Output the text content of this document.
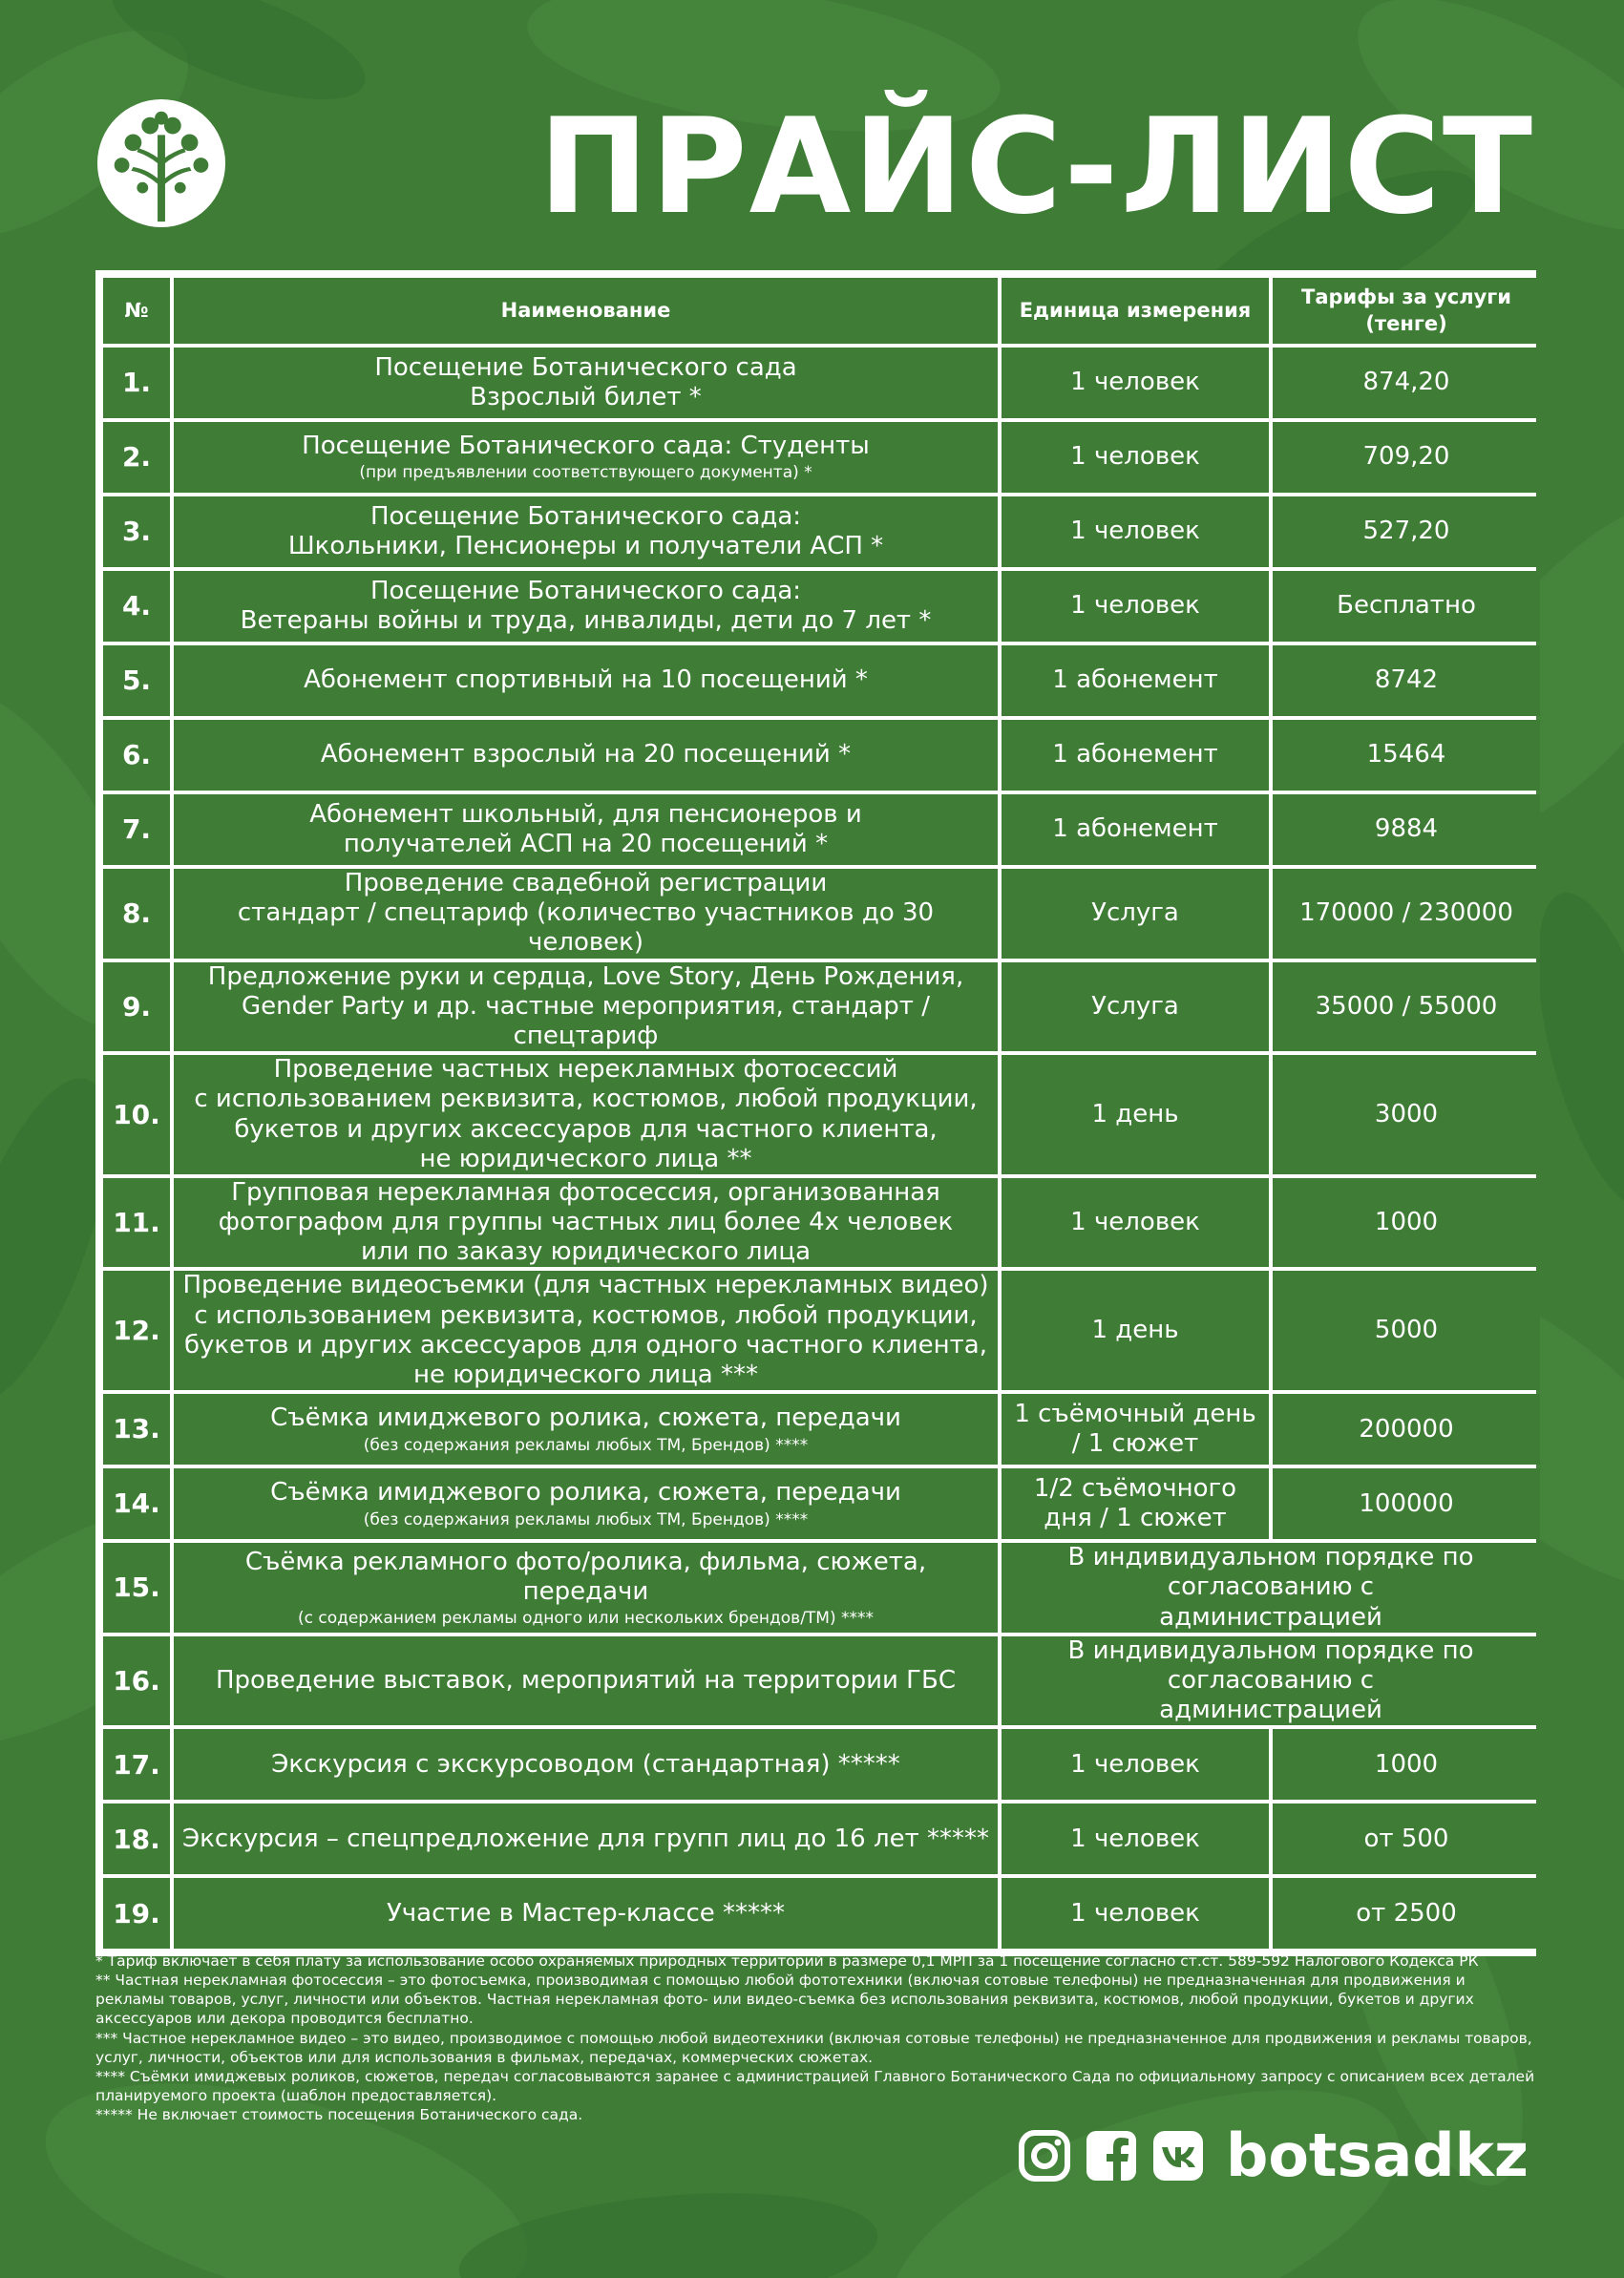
ПРАЙС-ЛИСТ
№	Наименование	Единица измерения	Тарифы за услуги (тенге)
1.	Посещение Ботанического сада
Взрослый билет *	1 человек	874,20
2.	Посещение Ботанического сада: Студенты
(при предъявлении соответствующего документа) *	1 человек	709,20
3.	Посещение Ботанического сада:
Школьники, Пенсионеры и получатели АСП *	1 человек	527,20
4.	Посещение Ботанического сада:
Ветераны войны и труда, инвалиды, дети до 7 лет *	1 человек	Бесплатно
5.	Абонемент спортивный на 10 посещений *	1 абонемент	8742
6.	Абонемент взрослый на 20 посещений *	1 абонемент	15464
7.	Абонемент школьный, для пенсионеров и
получателей АСП на 20 посещений *	1 абонемент	9884
8.	Проведение свадебной регистрации
стандарт / спецтариф (количество участников до 30 человек)	Услуга	170000 / 230000
9.	Предложение руки и сердца, Love Story, День Рождения,
Gender Party и др. частные мероприятия, стандарт / спецтариф	Услуга	35000 / 55000
10.	Проведение частных нерекламных фотосессий
с использованием реквизита, костюмов, любой продукции,
букетов и других аксессуаров для частного клиента,
не юридического лица **	1 день	3000
11.	Групповая нерекламная фотосессия, организованная
фотографом для группы частных лиц более 4х человек
или по заказу юридического лица	1 человек	1000
12.	Проведение видеосъемки (для частных нерекламных видео)
с использованием реквизита, костюмов, любой продукции,
букетов и других аксессуаров для одного частного клиента,
не юридического лица ***	1 день	5000
13.	Съёмка имиджевого ролика, сюжета, передачи
(без содержания рекламы любых ТМ, Брендов) ****	1 съёмочный день / 1 сюжет	200000
14.	Съёмка имиджевого ролика, сюжета, передачи
(без содержания рекламы любых ТМ, Брендов) ****	1/2 съёмочного дня / 1 сюжет	100000
15.	Съёмка рекламного фото/ролика, фильма, сюжета, передачи
(с содержанием рекламы одного или нескольких брендов/ТМ) ****	В индивидуальном порядке по согласованию с администрацией	
16.	Проведение выставок, мероприятий на территории ГБС	В индивидуальном порядке по согласованию с администрацией	
17.	Экскурсия с экскурсоводом (стандартная) *****	1 человек	1000
18.	Экскурсия – спецпредложение для групп лиц до 16 лет *****	1 человек	от 500
19.	Участие в Мастер-классе *****	1 человек	от 2500

* Тариф включает в себя плату за использование особо охраняемых природных территорий в размере 0,1 МРП за 1 посещение согласно ст.ст. 589-592 Налогового Кодекса РК

** Частная нерекламная фотосессия – это фотосъемка, производимая с помощью любой фототехники (включая сотовые телефоны) не предназначенная для продвижения и рекламы товаров, услуг, личности или объектов. Частная нерекламная фото- или видео-съемка без использования реквизита, костюмов, любой продукции, букетов и других аксессуаров или декора проводится бесплатно.

*** Частное нерекламное видео – это видео, производимое с помощью любой видеотехники (включая сотовые телефоны) не предназначенное для продвижения и рекламы товаров, услуг, личности, объектов или для использования в фильмах, передачах, коммерческих сюжетах.

**** Съёмки имиджевых роликов, сюжетов, передач согласовываются заранее с администрацией Главного Ботанического Сада по официальному запросу с описанием всех деталей планируемого проекта (шаблон предоставляется).

***** Не включает стоимость посещения Ботанического сада.

botsadkz
